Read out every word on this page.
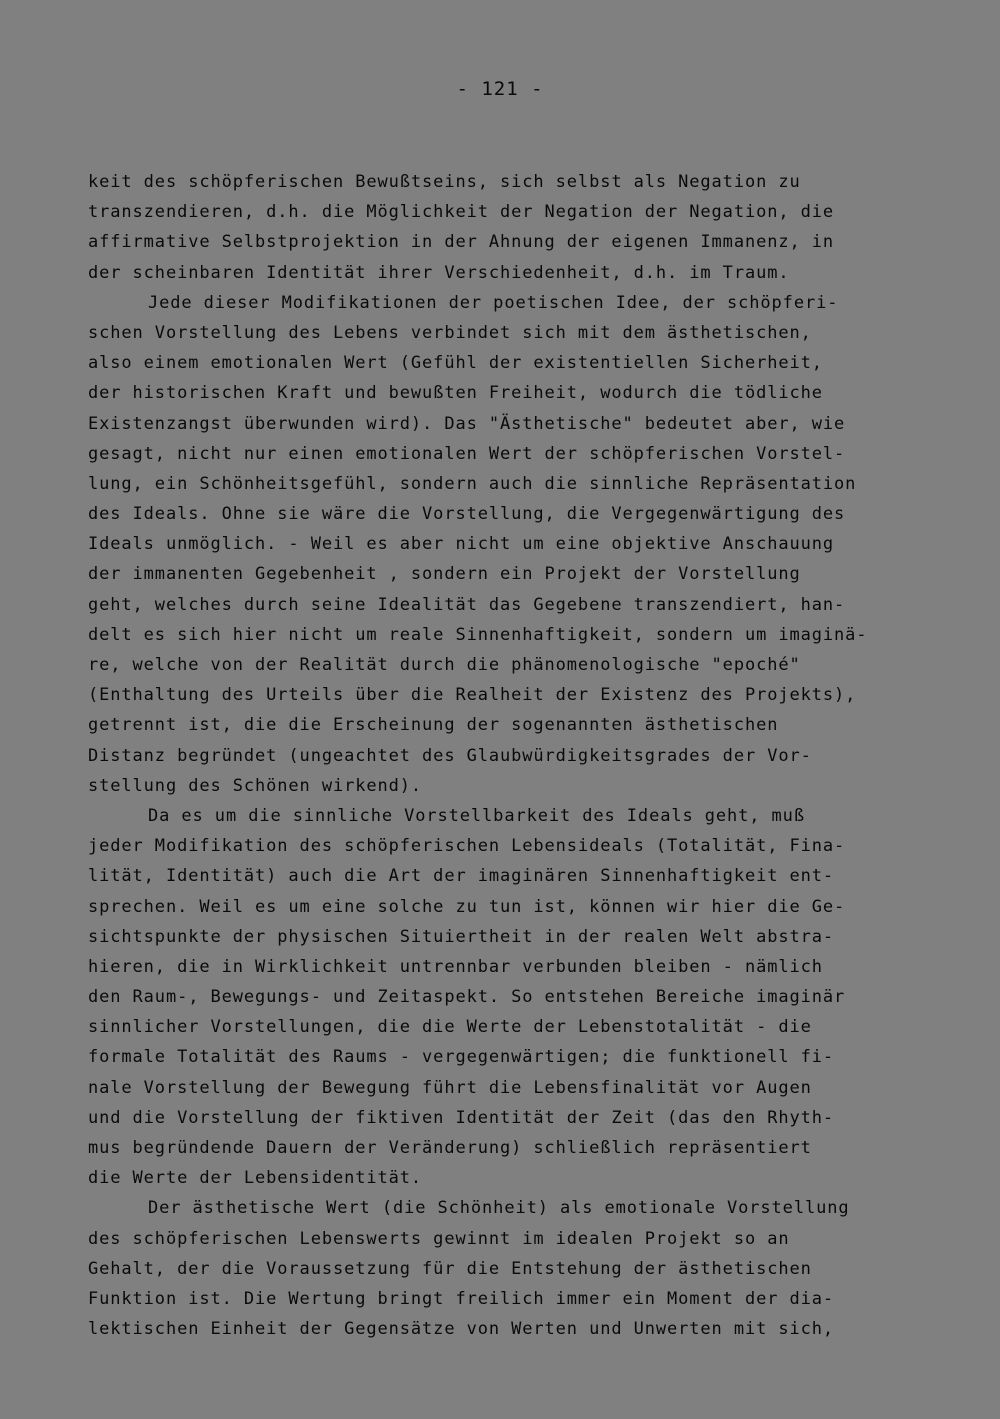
- 121 -
keit des schöpferischen Bewußtseins, sich selbst als Negation zu
transzendieren, d.h. die Möglichkeit der Negation der Negation, die
affirmative Selbstprojektion in der Ahnung der eigenen Immanenz, in
der scheinbaren Identität ihrer Verschiedenheit, d.h. im Traum.
Jede dieser Modifikationen der poetischen Idee, der schöpferi-
schen Vorstellung des Lebens verbindet sich mit dem ästhetischen,
also einem emotionalen Wert (Gefühl der existentiellen Sicherheit,
der historischen Kraft und bewußten Freiheit, wodurch die tödliche
Existenzangst überwunden wird). Das "Ästhetische" bedeutet aber, wie
gesagt, nicht nur einen emotionalen Wert der schöpferischen Vorstel-
lung, ein Schönheitsgefühl, sondern auch die sinnliche Repräsentation
des Ideals. Ohne sie wäre die Vorstellung, die Vergegenwärtigung des
Ideals unmöglich. - Weil es aber nicht um eine objektive Anschauung
der immanenten Gegebenheit , sondern ein Projekt der Vorstellung
geht, welches durch seine Idealität das Gegebene transzendiert, han-
delt es sich hier nicht um reale Sinnenhaftigkeit, sondern um imaginä-
re, welche von der Realität durch die phänomenologische "epoché"
(Enthaltung des Urteils über die Realheit der Existenz des Projekts),
getrennt ist, die die Erscheinung der sogenannten ästhetischen
Distanz begründet (ungeachtet des Glaubwürdigkeitsgrades der Vor-
stellung des Schönen wirkend).
Da es um die sinnliche Vorstellbarkeit des Ideals geht, muß
jeder Modifikation des schöpferischen Lebensideals (Totalität, Fina-
lität, Identität) auch die Art der imaginären Sinnenhaftigkeit ent-
sprechen. Weil es um eine solche zu tun ist, können wir hier die Ge-
sichtspunkte der physischen Situiertheit in der realen Welt abstra-
hieren, die in Wirklichkeit untrennbar verbunden bleiben - nämlich
den Raum-, Bewegungs- und Zeitaspekt. So entstehen Bereiche imaginär
sinnlicher Vorstellungen, die die Werte der Lebenstotalität - die
formale Totalität des Raums - vergegenwärtigen; die funktionell fi-
nale Vorstellung der Bewegung führt die Lebensfinalität vor Augen
und die Vorstellung der fiktiven Identität der Zeit (das den Rhyth-
mus begründende Dauern der Veränderung) schließlich repräsentiert
die Werte der Lebensidentität.
Der ästhetische Wert (die Schönheit) als emotionale Vorstellung
des schöpferischen Lebenswerts gewinnt im idealen Projekt so an
Gehalt, der die Voraussetzung für die Entstehung der ästhetischen
Funktion ist. Die Wertung bringt freilich immer ein Moment der dia-
lektischen Einheit der Gegensätze von Werten und Unwerten mit sich,
